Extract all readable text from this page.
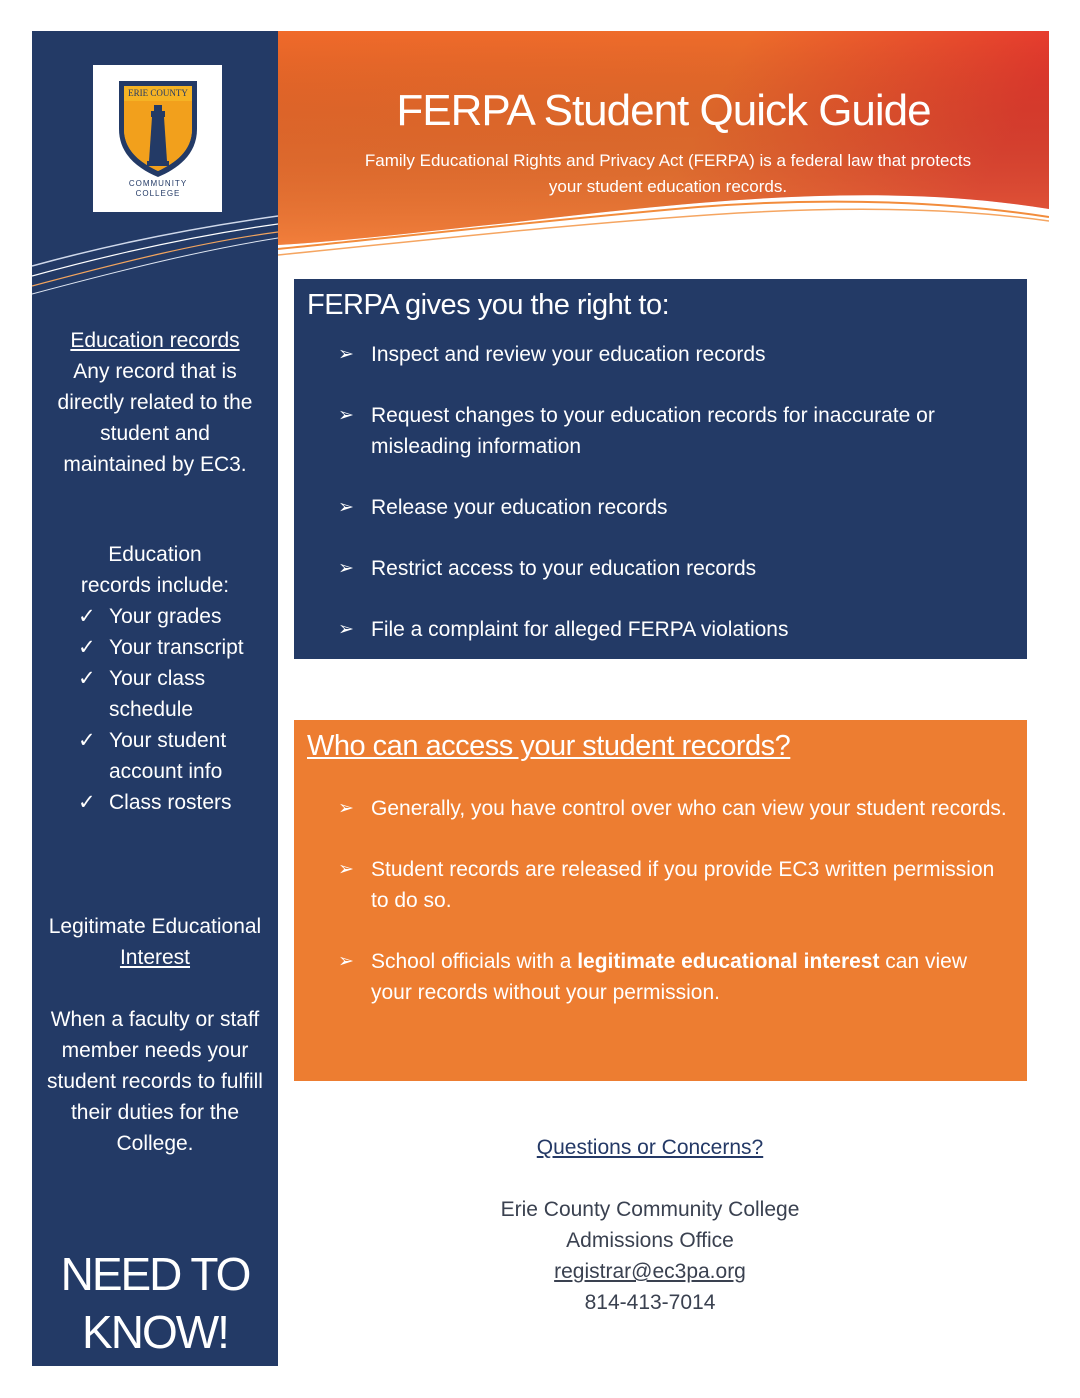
FERPA Student Quick Guide

Family Educational Rights and Privacy Act (FERPA) is a federal law that protects your student education records.

ERIE COUNTY
COMMUNITY
COLLEGE
Education records
Any record that is directly related to the student and maintained by EC3.
Education records include:
✓ Your grades
✓ Your transcript
✓ Your class schedule
✓ Your student account info
✓ Class rosters
Legitimate Educational
Interest
When a faculty or staff member needs your student records to fulfill their duties for the College.
NEED TO
KNOW!
FERPA gives you the right to:
➢ Inspect and review your education records
➢ Request changes to your education records for inaccurate or misleading information
➢ Release your education records
➢ Restrict access to your education records
➢ File a complaint for alleged FERPA violations
Who can access your student records?
➢ Generally, you have control over who can view your student records.
➢ Student records are released if you provide EC3 written permission to do so.
➢ School officials with a legitimate educational interest can view your records without your permission.
Questions or Concerns?
Erie County Community College
Admissions Office
registrar@ec3pa.org
814-413-7014
